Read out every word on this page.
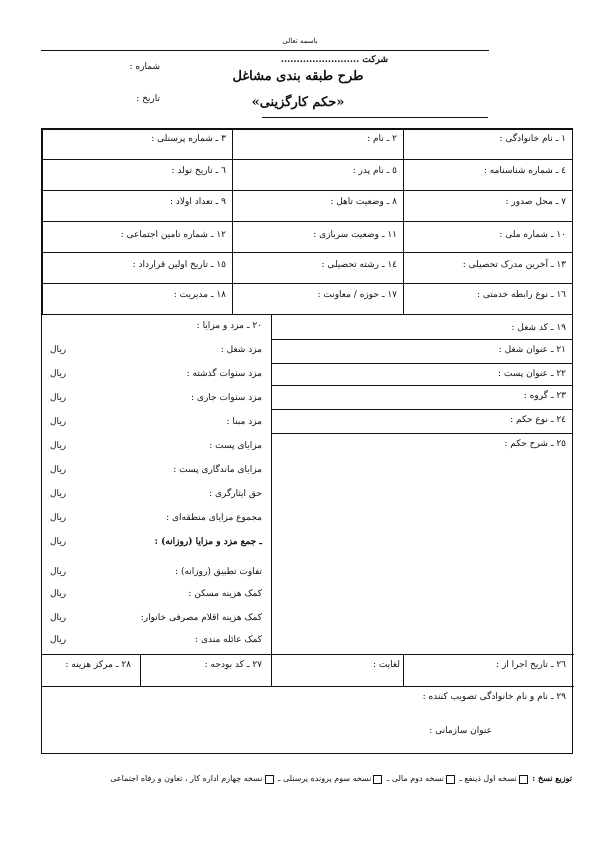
باسمه تعالی
شرکت .........................
طرح طبقه بندی مشاغل
«حکم کارگزینی»
شماره :
تاریخ :
۱ ـ نام خانوادگی :
۲ ـ نام :
۳ ـ شماره پرسنلی :
٤ ـ شماره شناسنامه :
٥ ـ نام پدر :
٦ ـ تاریخ تولد :
۷ ـ محل صدور :
۸ ـ وضعیت تاهل :
۹ ـ تعداد اولاد :
۱۰ ـ شماره ملی :
۱۱ ـ وضعیت سربازی :
۱۲ ـ شماره تامین اجتماعی :
۱۳ ـ آخرین مدرک تحصیلی :
۱٤ ـ رشته تحصیلی :
۱٥ ـ تاریخ اولین قرارداد :
۱٦ ـ نوع رابطه خدمتی :
۱۷ ـ حوزه / معاونت :
۱۸ ـ مدیریت :
۲۰ ـ مزد و مزایا :
مزد شغل :
ریال
مزد سنوات گذشته :
ریال
مزد سنوات جاری :
ریال
مزد مبنا :
ریال
مزایای پست :
ریال
مزایای ماندگاری پست :
ریال
حق ایثارگری :
ریال
مجموع مزایای منطقه‌ای :
ریال
ـ جمع مزد و مزایا (روزانه) :
ریال
تفاوت تطبیق (روزانه) :
ریال
کمک هزینه مسکن :
ریال
کمک هزینه اقلام مصرفی خانوار:
ریال
کمک عائله مندی :
ریال
۱۹ ـ کد شغل :
۲۱ ـ عنوان شغل :
۲۲ ـ عنوان پست :
۲۳ ـ گروه :
۲٤ ـ نوع حکم :
۲٥ ـ شرح حکم :
۲٦ ـ تاریخ اجرا از :
لغایت :
۲۷ ـ کد بودجه :
۲۸ ـ مرکز هزینه :
۲۹ ـ نام و نام خانوادگی تصویب کننده :
عنوان سازمانی :
توزیع نسخ : نسخه اول ذینفع ـ نسخه دوم مالی ـ نسخه سوم پرونده پرسنلی ـ نسخه چهارم اداره کار ، تعاون و رفاه اجتماعی
